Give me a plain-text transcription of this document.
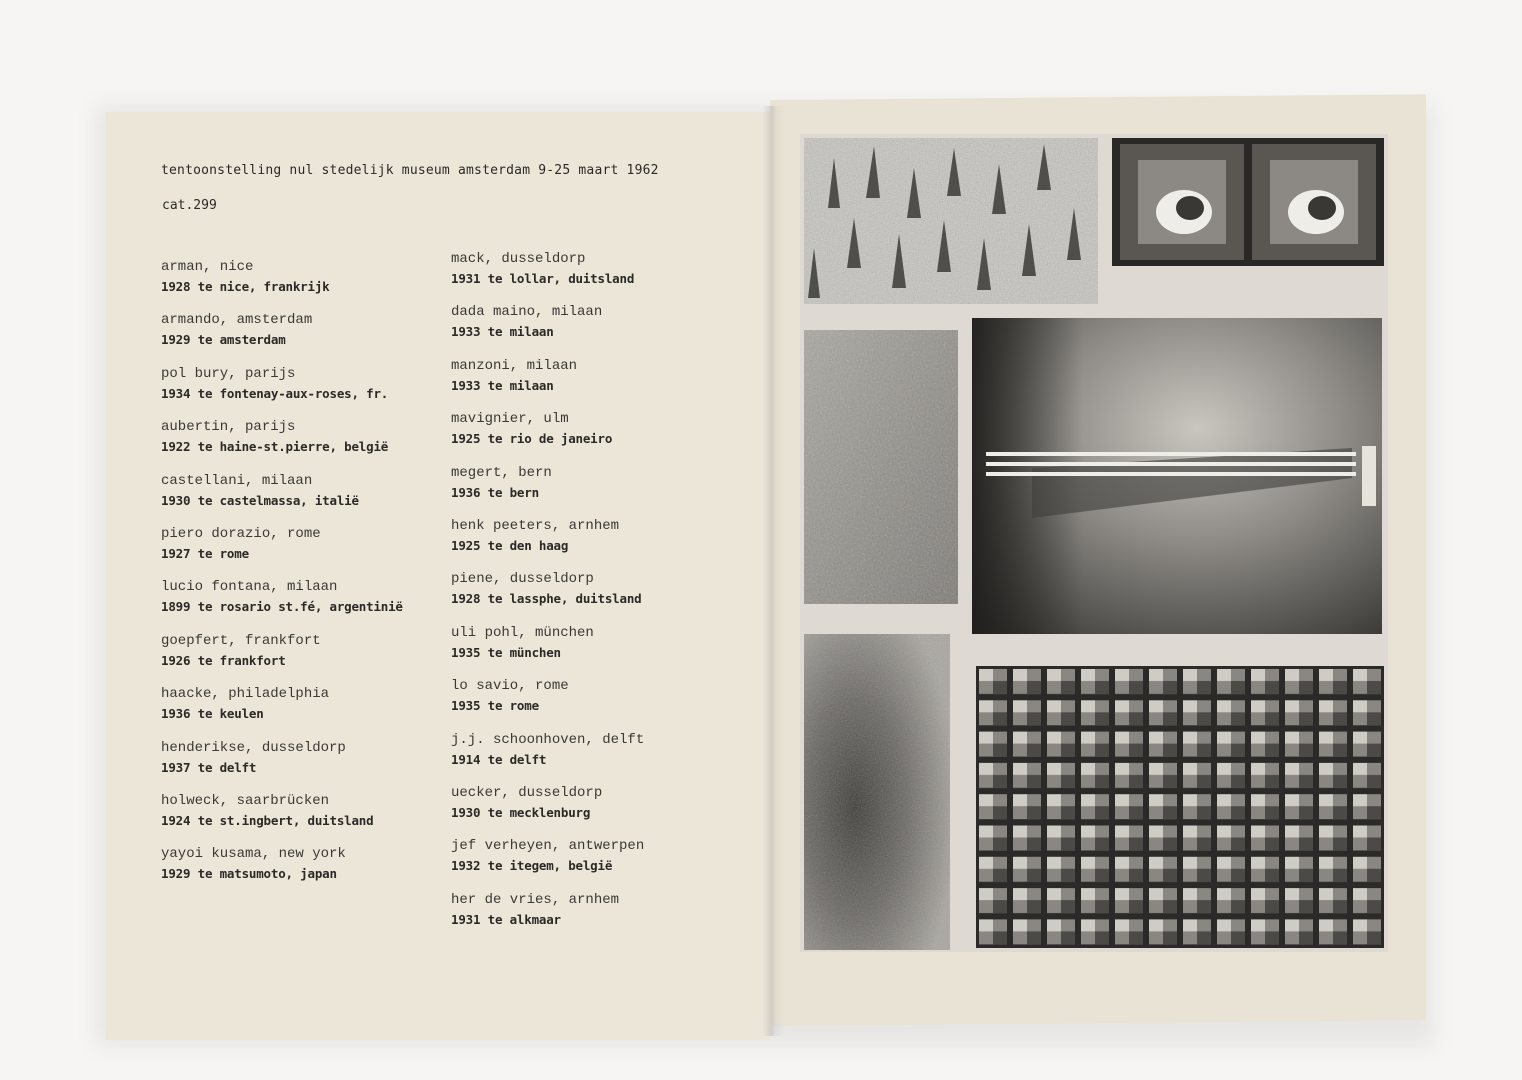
tentoonstelling nul stedelijk museum amsterdam 9-25 maart 1962
cat.299
arman, nice
1928 te nice, frankrijk
armando, amsterdam
1929 te amsterdam
pol bury, parijs
1934 te fontenay-aux-roses, fr.
aubertin, parijs
1922 te haine-st.pierre, belgië
castellani, milaan
1930 te castelmassa, italië
piero dorazio, rome
1927 te rome
lucio fontana, milaan
1899 te rosario st.fé, argentinië
goepfert, frankfort
1926 te frankfort
haacke, philadelphia
1936 te keulen
henderikse, dusseldorp
1937 te delft
holweck, saarbrücken
1924 te st.ingbert, duitsland
yayoi kusama, new york
1929 te matsumoto, japan
mack, dusseldorp
1931 te lollar, duitsland
dada maino, milaan
1933 te milaan
manzoni, milaan
1933 te milaan
mavignier, ulm
1925 te rio de janeiro
megert, bern
1936 te bern
henk peeters, arnhem
1925 te den haag
piene, dusseldorp
1928 te lassphe, duitsland
uli pohl, münchen
1935 te münchen
lo savio, rome
1935 te rome
j.j. schoonhoven, delft
1914 te delft
uecker, dusseldorp
1930 te mecklenburg
jef verheyen, antwerpen
1932 te itegem, belgië
her de vries, arnhem
1931 te alkmaar
